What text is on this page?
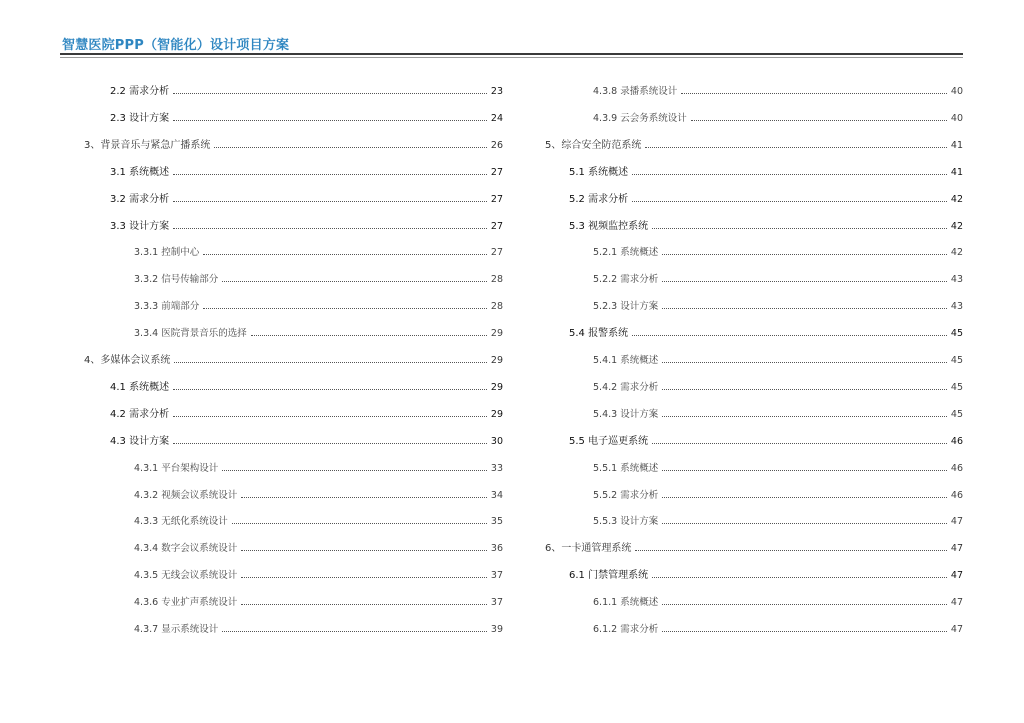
智慧医院PPP（智能化）设计项目方案
2.2 需求分析	23
2.3 设计方案	24
3、背景音乐与紧急广播系统	26
3.1 系统概述	27
3.2 需求分析	27
3.3 设计方案	27
3.3.1 控制中心	27
3.3.2 信号传输部分	28
3.3.3 前端部分	28
3.3.4 医院背景音乐的选择	29
4、多媒体会议系统	29
4.1 系统概述	29
4.2 需求分析	29
4.3 设计方案	30
4.3.1 平台架构设计	33
4.3.2 视频会议系统设计	34
4.3.3 无纸化系统设计	35
4.3.4 数字会议系统设计	36
4.3.5 无线会议系统设计	37
4.3.6 专业扩声系统设计	37
4.3.7 显示系统设计	39
4.3.8 录播系统设计	40
4.3.9 云会务系统设计	40
5、综合安全防范系统	41
5.1 系统概述	41
5.2 需求分析	42
5.3 视频监控系统	42
5.2.1 系统概述	42
5.2.2 需求分析	43
5.2.3 设计方案	43
5.4 报警系统	45
5.4.1 系统概述	45
5.4.2 需求分析	45
5.4.3 设计方案	45
5.5 电子巡更系统	46
5.5.1 系统概述	46
5.5.2 需求分析	46
5.5.3 设计方案	47
6、一卡通管理系统	47
6.1 门禁管理系统	47
6.1.1 系统概述	47
6.1.2 需求分析	47
